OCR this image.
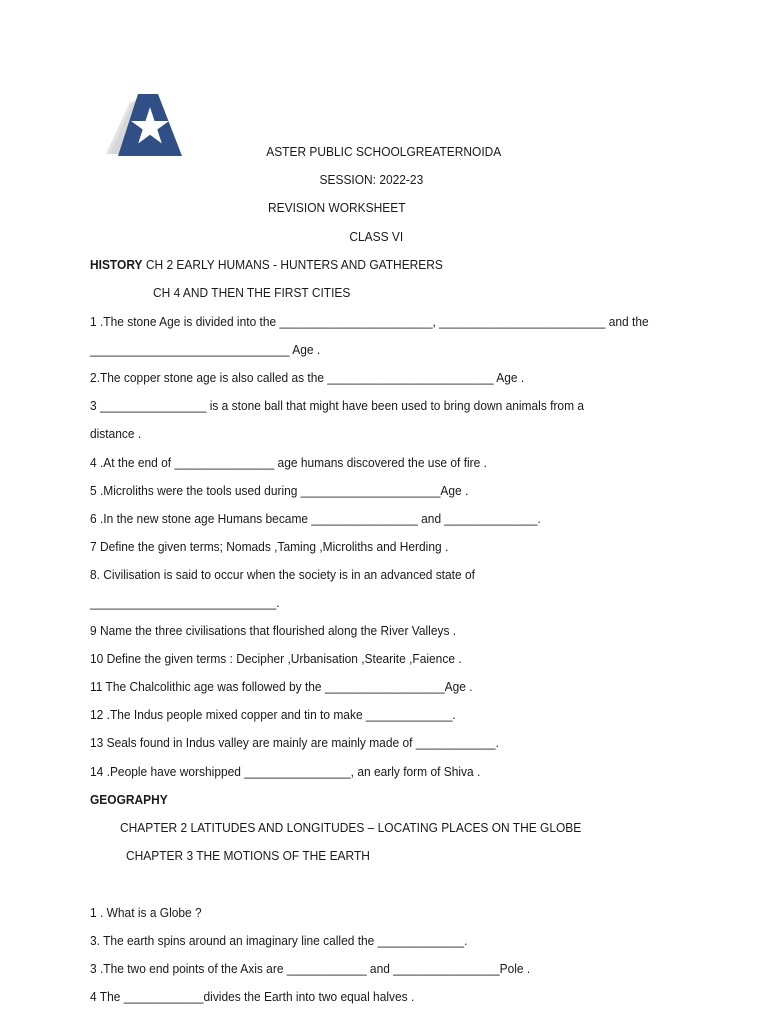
ASTER PUBLIC SCHOOLGREATERNOIDA
SESSION: 2022-23
REVISION WORKSHEET
CLASS VI
HISTORY CH 2 EARLY HUMANS - HUNTERS AND GATHERERS
CH 4 AND THEN THE FIRST CITIES
1 .The stone Age is divided into the _______________________, _________________________ and the
______________________________ Age .
2.The copper stone age is also called as the _________________________ Age .
3 ________________ is a stone ball that might have been used to bring down animals from a
distance .
4 .At the end of _______________ age humans discovered the use of fire .
5 .Microliths were the tools used during _____________________Age .
6 .In the new stone age Humans became ________________ and ______________.
7 Define the given terms; Nomads ,Taming ,Microliths and Herding .
8. Civilisation is said to occur when the society is in an advanced state of
____________________________.
9 Name the three civilisations that flourished along the River Valleys .
10 Define the given terms : Decipher ,Urbanisation ,Stearite ,Faience .
11 The Chalcolithic age was followed by the __________________Age .
12 .The Indus people mixed copper and tin to make _____________.
13 Seals found in Indus valley are mainly are mainly made of ____________.
14 .People have worshipped ________________, an early form of Shiva .
GEOGRAPHY
CHAPTER 2 LATITUDES AND LONGITUDES – LOCATING PLACES ON THE GLOBE
CHAPTER 3 THE MOTIONS OF THE EARTH
1 . What is a Globe ?
3. The earth spins around an imaginary line called the _____________.
3 .The two end points of the Axis are ____________ and ________________Pole .
4 The ____________divides the Earth into two equal halves .
